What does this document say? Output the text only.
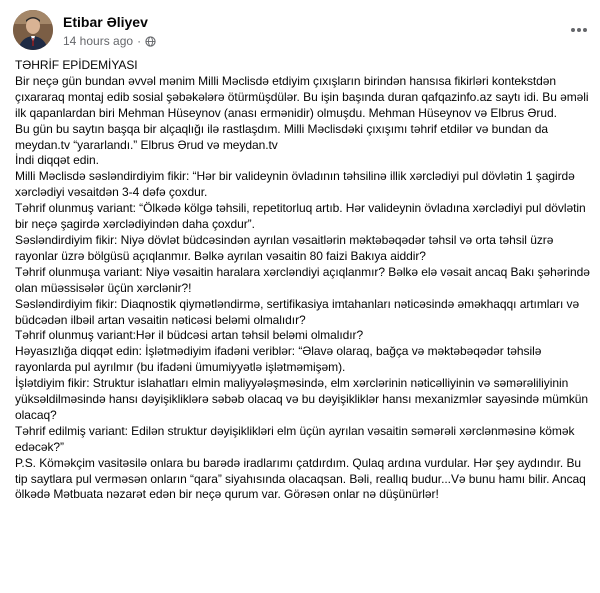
Etibar Əliyev
14 hours ago ·

TƏHRİF EPİDEMİYASI

Bir neçə gün bundan əvvəl mənim Milli Məclisdə etdiyim çıxışların birindən hansısa fikirləri kontekstdən çıxararaq montaj edib sosial şəbəkələrə ötürmüşdülər. Bu işin başında duran qafqazinfo.az saytı idi. Bu əməli ilk qapanlardan biri Mehman Hüseynov (anası ermənidir) olmuşdu. Mehman Hüseynov və Elbrus Ərud.

Bu gün bu saytın başqa bir alçaqlığı ilə rastlaşdım. Milli Məclisdəki çıxışımı təhrif etdilər və bundan da meydan.tv “yararlandı.” Elbrus Ərud və meydan.tv

İndi diqqət edin.

Milli Məclisdə səsləndirdiyim fikir: “Hər bir valideynin övladının təhsilinə illik xərclədiyi pul dövlətin 1 şagirdə xərclədiyi vəsaitdən 3-4 dəfə çoxdur.

Təhrif olunmuş variant: “Ölkədə kölgə təhsili, repetitorluq artıb. Hər valideynin övladına xərclədiyi pul dövlətin bir neçə şagirdə xərclədiyindən daha çoxdur”.

Səsləndirdiyim fikir: Niyə dövlət büdcəsindən ayrılan vəsaitlərin məktəbəqədər təhsil və orta təhsil üzrə rayonlar üzrə bölgüsü açıqlanmır. Bəlkə ayrılan vəsaitin 80 faizi Bakıya aiddir?

Təhrif olunmuşa variant: Niyə vəsaitin haralara xərcləndiyi açıqlanmır? Bəlkə elə vəsait ancaq Bakı şəhərində olan müəssisələr üçün xərclənir?!

Səsləndirdiyim fikir: Diaqnostik qiymətləndirmə, sertifikasiya imtahanları nəticəsində əməkhaqqı artımları və büdcədən ilbəil artan vəsaitin nəticəsi beləmi olmalıdır?

Təhrif olunmuş variant:Hər il büdcəsi artan təhsil beləmi olmalıdır?

Həyasızlığa diqqət edin: İşlətmədiyim ifadəni veriblər: “Əlavə olaraq, bağça və məktəbəqədər təhsilə rayonlarda pul ayrılmır (bu ifadəni ümumiyyətlə işlətməmişəm).

İşlətdiyim fikir: Struktur islahatları elmin maliyyələşməsində, elm xərclərinin nəticəlliyinin və səmərəliliyinin yüksəldilməsində hansı dəyişikliklərə səbəb olacaq və bu dəyişikliklər hansı mexanizmlər sayəsində mümkün olacaq?

Təhrif edilmiş variant: Edilən struktur dəyişiklikləri elm üçün ayrılan vəsaitin səmərəli xərclənməsinə kömək edəcək?”

P.S. Köməkçim vasitəsilə onlara bu barədə iradlarımı çatdırdım. Qulaq ardına vurdular. Hər şey aydındır. Bu tip saytlara pul verməsən onların “qara” siyahısında olacaqsan. Bəli, reallıq budur...Və bunu hamı bilir. Ancaq ölkədə Mətbuata nəzarət edən bir neçə qurum var. Görəsən onlar nə düşünürlər!
